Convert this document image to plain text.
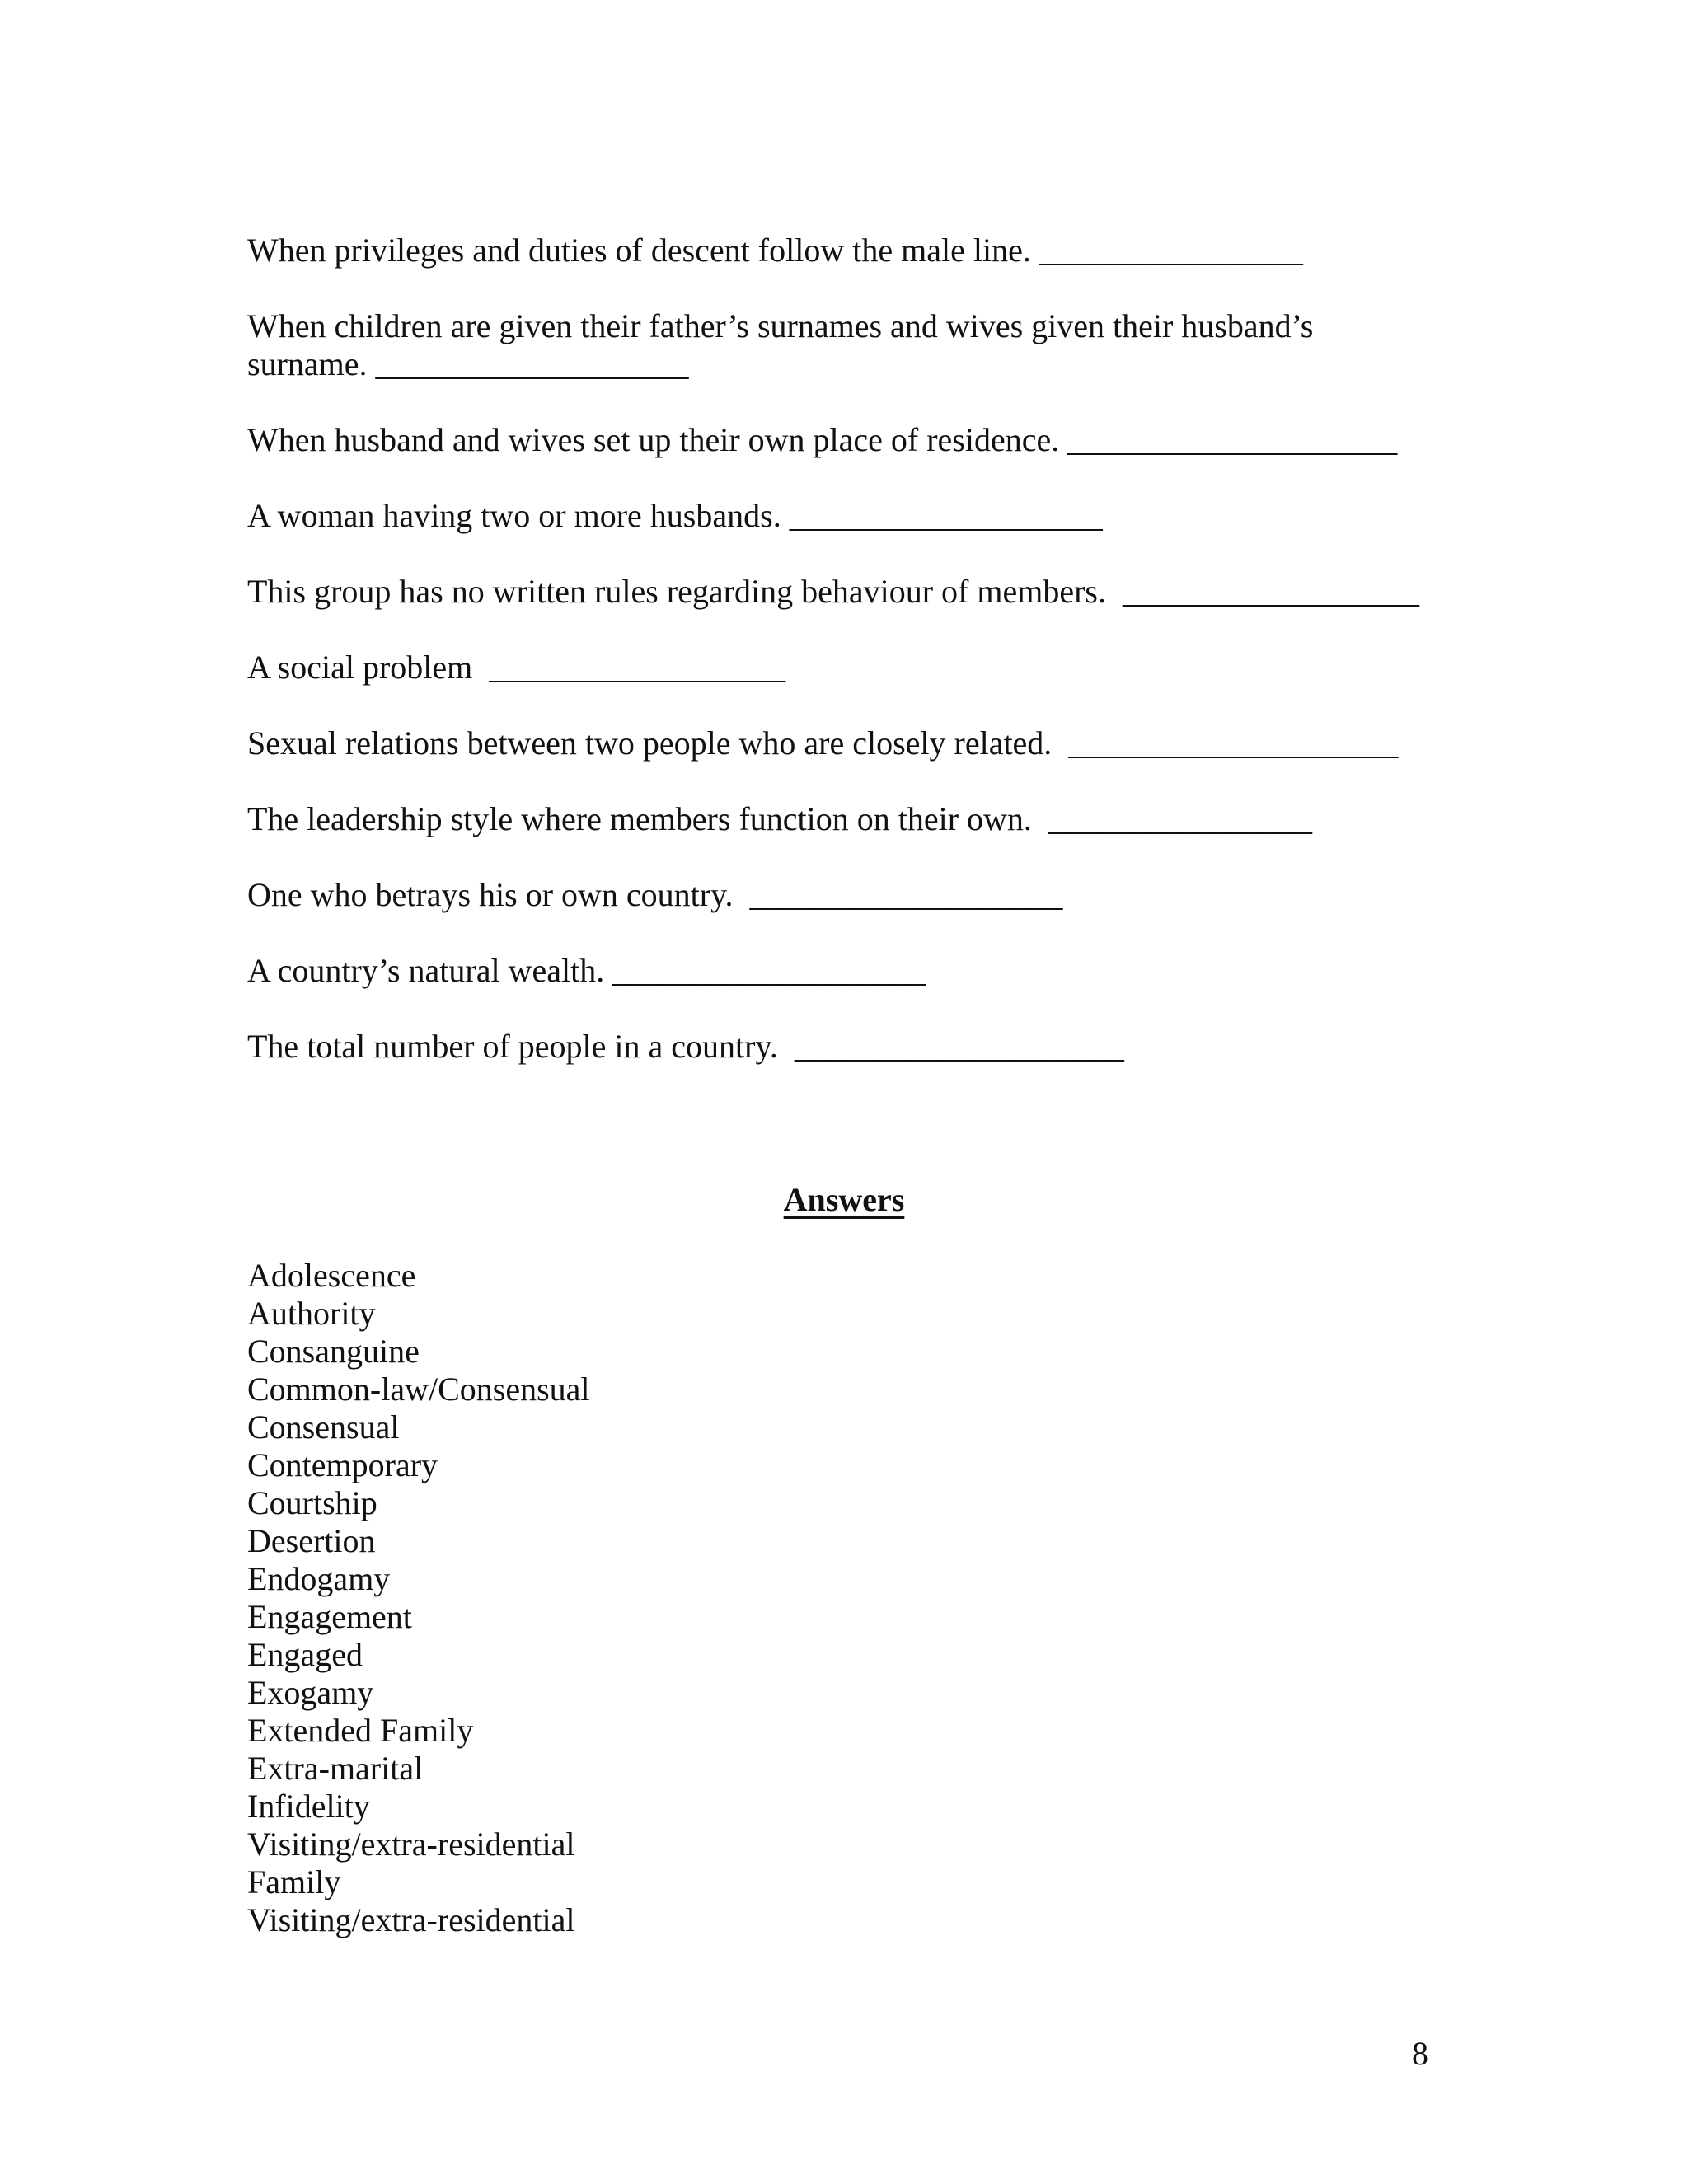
When privileges and duties of descent follow the male line. ________________

When children are given their father’s surnames and wives given their husband’s
surname. ___________________

When husband and wives set up their own place of residence. ____________________

A woman having two or more husbands. ___________________

This group has no written rules regarding behaviour of members.  __________________

A social problem  __________________

Sexual relations between two people who are closely related.  ____________________

The leadership style where members function on their own.  ________________

One who betrays his or own country.  ___________________

A country’s natural wealth. ___________________

The total number of people in a country.  ____________________

Answers
Adolescence
Authority
Consanguine
Common-law/Consensual
Consensual
Contemporary
Courtship
Desertion
Endogamy
Engagement
Engaged
Exogamy
Extended Family
Extra-marital
Infidelity
Visiting/extra-residential
Family
Visiting/extra-residential
8
